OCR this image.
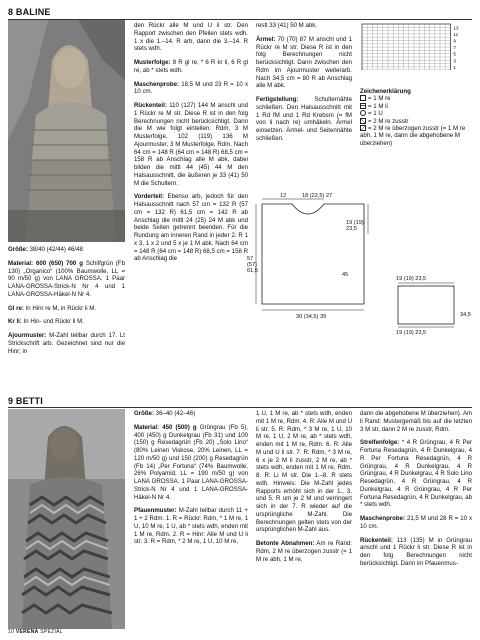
8 BALINE

Größe: 38/40 (42/44) 46/48

Material: 600 (650) 700 g Schilfgrün (Fb 130) „Organico“ (100% Baumwolle, LL = 90 m/50 g) von LANA GROSSA. 1 Paar LANA-GROSSA-Strick-N Nr 4 und 1 LANA-GROSSA-Häkel-N Nr 4.

Gl re: In Hinr re M, in Rückr li M.

Kr li: In Hin- und Rückr li M.

Ajourmuster: M-Zahl teilbar durch 17. Lt Strickschrift arb. Gezeichnet sind nur die Hinr; in

den Rückr alle M und U li str. Den Rapport zwischen den Pfeilen stets wdh. 1 x die 1.–14. R arb, dann die 3.–14. R stets wdh.

Musterfolge: 8 R gl re, * 6 R kr li, 6 R gl re, ab * stets wdh.

Maschenprobe: 18,5 M und 23 R = 10 x 10 cm.

Rückenteil: 110 (127) 144 M anschl und 1 Rückr re M str. Diese R ist in den folg Berechnungen nicht berücksichtigt. Dann die M wie folgt einteilen: Rdm, 3 M Musterfolge, 102 (119) 136 M Ajourmuster, 3 M Musterfolge, Rdm. Nach 64 cm = 148 R (64 cm = 148 R) 68,5 cm = 158 R ab Anschlag alle M abk, dabei bilden die mittl 44 (45) 44 M den Halsausschnitt, die äußeren je 33 (41) 50 M die Schultern.

Vorderteil: Ebenso arb, jedoch für den Halsausschnitt nach 57 cm = 132 R (57 cm = 132 R) 61,5 cm = 142 R ab Anschlag die mittl 24 (25) 24 M abk und beide Seiten getrennt beenden. Für die Rundung am inneren Rand in jeder 2. R 1 x 3, 1 x 2 und 5 x je 1 M abk. Nach 64 cm = 148 R (64 cm = 148 R) 68,5 cm = 158 R ab Anschlag die

restl 33 (41) 50 M abk.

Ärmel: 70 (70) 87 M anschl und 1 Rückr re M str. Diese R ist in den folg Berechnungen nicht berücksichtigt. Dann zwischen den Rdm im Ajourmuster weiterarb. Nach 34,5 cm = 80 R ab Anschlag alle M abk.

Fertigstellung: Schulternähte schließen. Den Halsausschnitt mit 1 Rd fM und 1 Rd Krebsm (= fM von li nach re) umhäkeln. Ärmel einsetzen. Ärmel- und Seitennähte schließen.

13
11
9
7
5
3
1
Zeichenerklärung
= 1 M re
= 1 M li
= 1 U
= 2 M re zusstr
= 2 M re überzogen zusstr (= 1 M re abh, 1 M re, dann die abgehobene M überziehen)
12	18 (22,5) 27
19 (19) 23,5
57 (57) 61,5
45
30 (34,5) 39
19 (19) 23,5
34,5
19 (19) 23,5
9 BETTI

Größe: 36–40 (42–46)

Material: 450 (500) g Grüngrau (Fb 5), 400 (450) g Dunkelgrau (Fb 31) und 100 (150) g Resedagrün (Fb 20) „Solo Lino“ (80% Leinen Viskose, 20% Leinen, LL = 120 m/50 g) und 150 (200) g Resedagrün (Fb 14) „Per Fortuna“ (74% Baumwolle, 26% Polyamid, LL = 190 m/50 g) von LANA GROSSA. 1 Paar LANA-GROSSA-Strick-N Nr 4 und 1 LANA-GROSSA-Häkel-N Nr 4.

Pfauenmuster: M-Zahl teilbar durch 11 + 1 + 2 Rdm. 1. R = Rückr: Rdm, * 1 M re, 1 U, 10 M re, 1 U, ab * stets wdh, enden mit 1 M re, Rdm. 2. R = Hinr: Alle M und U li str. 3. R = Rdm, * 2 M re, 1 U, 10 M re,

1 U, 1 M re, ab * stets wdh, enden mit 1 M re, Rdm. 4. R: Alle M und U li str. 5. R: Rdm, * 3 M re, 1 U, 10 M re, 1 U, 2 M re, ab * stets wdh, enden mit 1 M re, Rdm. 6. R: Alle M und U li str. 7. R: Rdm, * 3 M re, 6 x je 2 M li zusstr, 2 M re, ab * stets wdh, enden mit 1 M re, Rdm. 8. R: Li M str. Die 1.–8. R stets wdh. Hinweis: Die M-Zahl jedes Rapports erhöht sich in der 1., 3. und 5. R um je 2 M und verringert sich in der 7. R wieder auf die ursprüngliche M-Zahl. Die Berechnungen gelten stets von der ursprünglichen M-Zahl aus.

Betonte Abnahmen: Am re Rand: Rdm, 2 M re überzogen zusstr (= 1 M re abh, 1 M re,

dann die abgehobene M überziehen). Am li Rand: Mustergemäß bis auf die letzten 3 M str, dann 2 M re zusstr, Rdm.

Strelfenfolge: * 4 R Grüngrau, 4 R Per Fortuna Resedagrün, 4 R Dunkelgrau, 4 R Per Fortuna Resedagrün, 4 R Grüngrau, 4 R Dunkelgrau, 4 R Grüngrau, 4 R Dunkelgrau, 4 R Solo Lino Resedagrün, 4 R Grüngrau, 4 R Dunkelgrau, 4 R Grüngrau, 4 R Per Fortuna Resedagrün, 4 R Dunkelgrau, ab * stets wdh.

Maschenprobe: 21,5 M und 28 R = 10 x 10 cm.

Rückenteil: 113 (135) M in Grüngrau anschl und 1 Rückr li str. Diese R ist in den folg Berechnungen nicht berücksichtigt. Dann im Pfauenmus-

10 VERENA SPEZIAL
